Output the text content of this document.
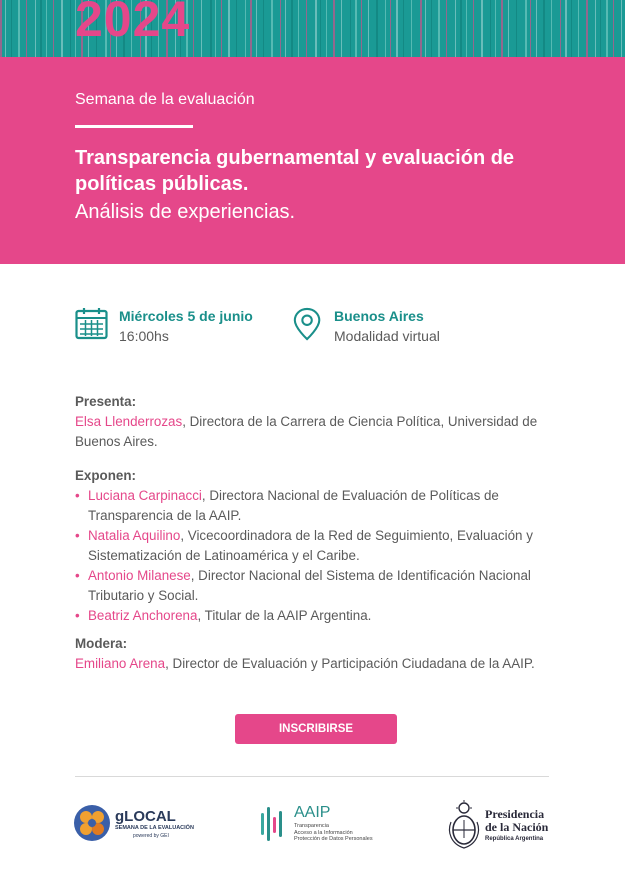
2024
Semana de la evaluación
Transparencia gubernamental y evaluación de políticas públicas.
Análisis de experiencias.
Miércoles 5 de junio
16:00hs
Buenos Aires
Modalidad virtual
Presenta:
Elsa Llenderrozas, Directora de la Carrera de Ciencia Política, Universidad de Buenos Aires.
Exponen:
• Luciana Carpinacci, Directora Nacional de Evaluación de Políticas de Transparencia de la AAIP.
• Natalia Aquilino, Vicecoordinadora de la Red de Seguimiento, Evaluación y Sistematización de Latinoamérica y el Caribe.
• Antonio Milanese, Director Nacional del Sistema de Identificación Nacional Tributario y Social.
• Beatriz Anchorena, Titular de la AAIP Argentina.
Modera:
Emiliano Arena, Director de Evaluación y Participación Ciudadana de la AAIP.
INSCRIBIRSE
gLOCAL
SEMANA DE LA EVALUACIÓN
powered by GEI
AAIP
Transparencia
Acceso a la Información
Protección de Datos Personales
Presidencia
de la Nación
República Argentina
